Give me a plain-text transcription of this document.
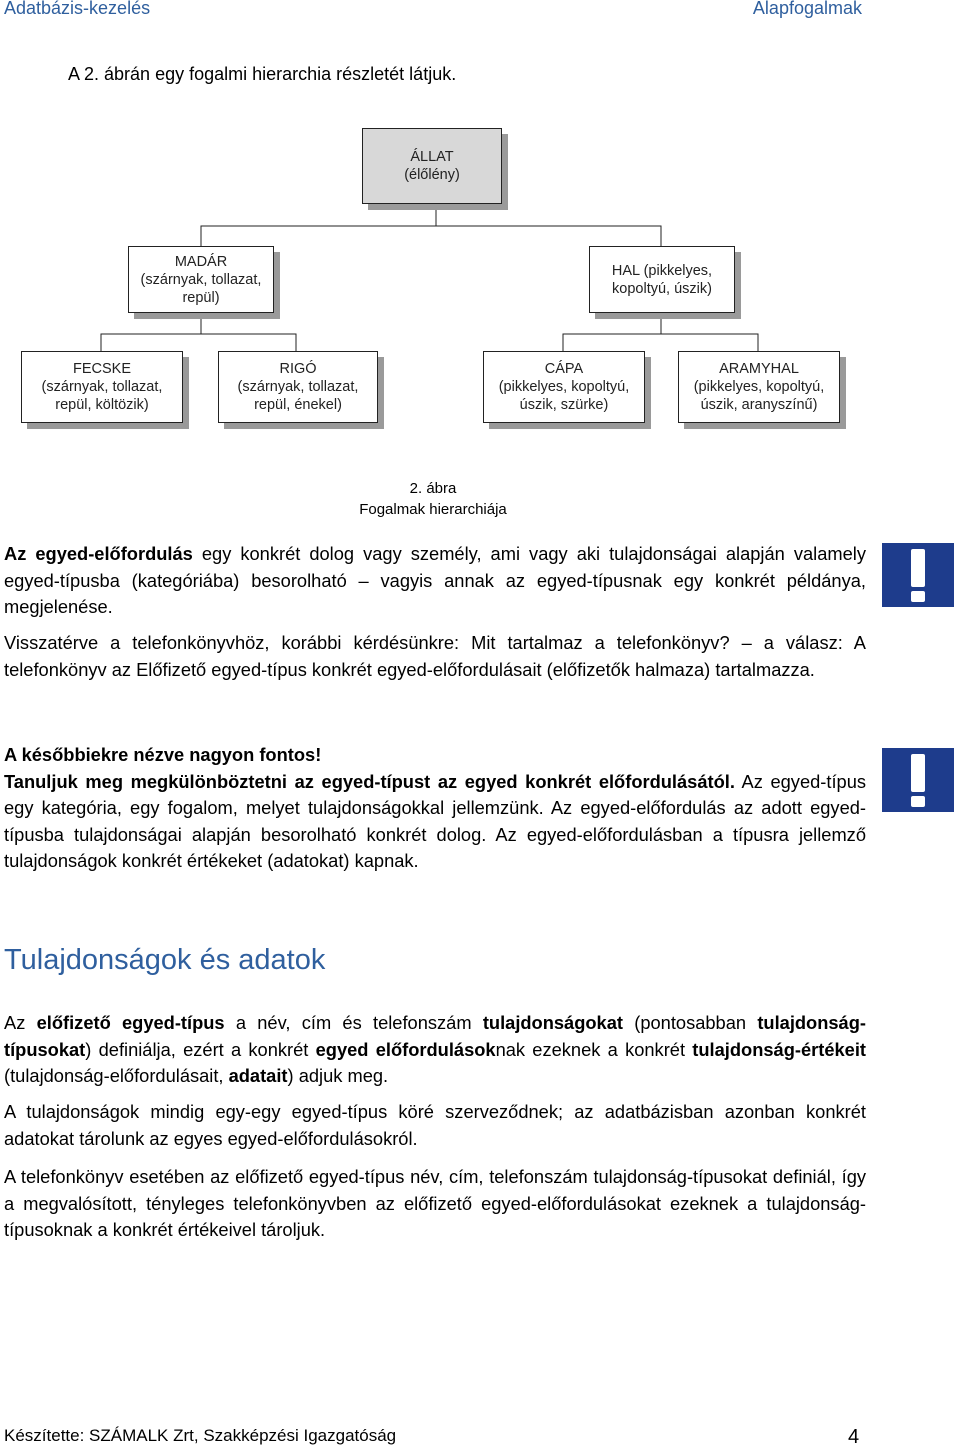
Adatbázis-kezelés	Alapfogalmak
A 2. ábrán egy fogalmi hierarchia részletét látjuk.
ÁLLAT
(élőlény)
MADÁR
(szárnyak, tollazat,
repül)
HAL (pikkelyes,
kopoltyú, úszik)
FECSKE
(szárnyak, tollazat,
repül, költözik)
RIGÓ
(szárnyak, tollazat,
repül, énekel)
CÁPA
(pikkelyes, kopoltyú,
úszik, szürke)
ARAMYHAL
(pikkelyes, kopoltyú,
úszik, aranyszínű)
2. ábra
Fogalmak hierarchiája

Az egyed-előfordulás egy konkrét dolog vagy személy, ami vagy aki tulajdonságai alapján valamely egyed-típusba (kategóriába) besorolható – vagyis annak az egyed-típusnak egy konkrét példánya, megjelenése.

Visszatérve a telefonkönyvhöz, korábbi kérdésünkre: Mit tartalmaz a telefonkönyv? – a válasz: A telefonkönyv az Előfizető egyed-típus konkrét egyed-előfordulásait (előfizetők halmaza) tartalmazza.

A későbbiekre nézve nagyon fontos!

Tanuljuk meg megkülönböztetni az egyed-típust az egyed konkrét előfordulásától. Az egyed-típus egy kategória, egy fogalom, melyet tulajdonságokkal jellemzünk. Az egyed-előfordulás az adott egyed-típusba tulajdonságai alapján besorolható konkrét dolog. Az egyed-előfordulásban a típusra jellemző tulajdonságok konkrét értékeket (adatokat) kapnak.

Tulajdonságok és adatok

Az előfizető egyed-típus a név, cím és telefonszám tulajdonságokat (pontosabban tulajdonság-típusokat) definiálja, ezért a konkrét egyed előfordulásoknak ezeknek a konkrét tulajdonság-értékeit (tulajdonság-előfordulásait, adatait) adjuk meg.

A tulajdonságok mindig egy-egy egyed-típus köré szerveződnek; az adatbázisban azonban konkrét adatokat tárolunk az egyes egyed-előfordulásokról.

A telefonkönyv esetében az előfizető egyed-típus név, cím, telefonszám tulajdonság-típusokat definiál, így a megvalósított, tényleges telefonkönyvben az előfizető egyed-előfordulásokat ezeknek a tulajdonság-típusoknak a konkrét értékeivel tároljuk.

Készítette: SZÁMALK Zrt, Szakképzési Igazgatóság	4
